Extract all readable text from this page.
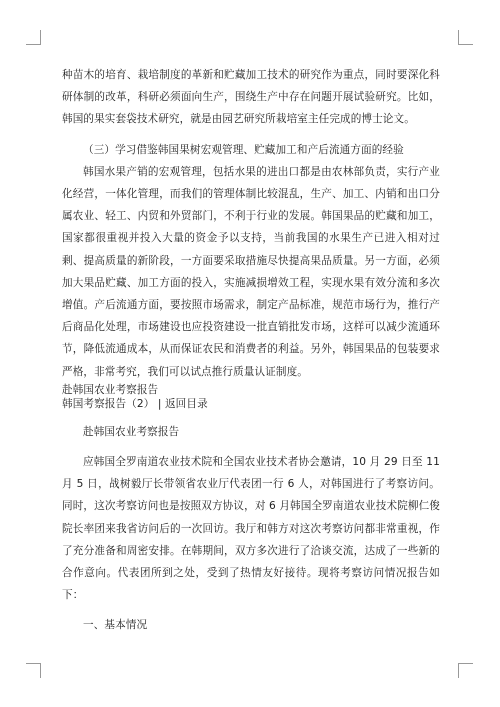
种苗木的培育、栽培制度的革新和贮藏加工技术的研究作为重点，同时要深化科研体制的改革，科研必须面向生产，围绕生产中存在问题开展试验研究。比如，韩国的果实套袋技术研究，就是由园艺研究所栽培室主任完成的博士论文。

（三）学习借鉴韩国果树宏观管理、贮藏加工和产后流通方面的经验

韩国水果产销的宏观管理，包括水果的进出口都是由农林部负责，实行产业化经营，一体化管理，而我们的管理体制比较混乱，生产、加工、内销和出口分属农业、轻工、内贸和外贸部门，不利于行业的发展。韩国果品的贮藏和加工，国家都很重视并投入大量的资金予以支持，当前我国的水果生产已进入相对过剩、提高质量的新阶段，一方面要采取措施尽快提高果品质量。另一方面，必须加大果品贮藏、加工方面的投入，实施减损增效工程，实现水果有效分流和多次增值。产后流通方面，要按照市场需求，制定产品标准，规范市场行为，推行产后商品化处理，市场建设也应投资建设一批直销批发市场，这样可以减少流通环节，降低流通成本，从而保证农民和消费者的利益。另外，韩国果品的包装要求严格，非常考究，我们可以试点推行质量认证制度。

赴韩国农业考察报告

韩国考察报告（2） | 返回目录

赴韩国农业考察报告

应韩国全罗南道农业技术院和全国农业技术者协会邀请，10 月 29 日至 11 月 5 日，战树毅厅长带领省农业厅代表团一行 6 人，对韩国进行了考察访问。同时，这次考察访问也是按照双方协议，对 6 月韩国全罗南道农业技术院柳仁俊院长率团来我省访问后的一次回访。我厅和韩方对这次考察访问都非常重视，作了充分准备和周密安排。在韩期间，双方多次进行了洽谈交流，达成了一些新的合作意向。代表团所到之处，受到了热情友好接待。现将考察访问情况报告如下：

一、基本情况
